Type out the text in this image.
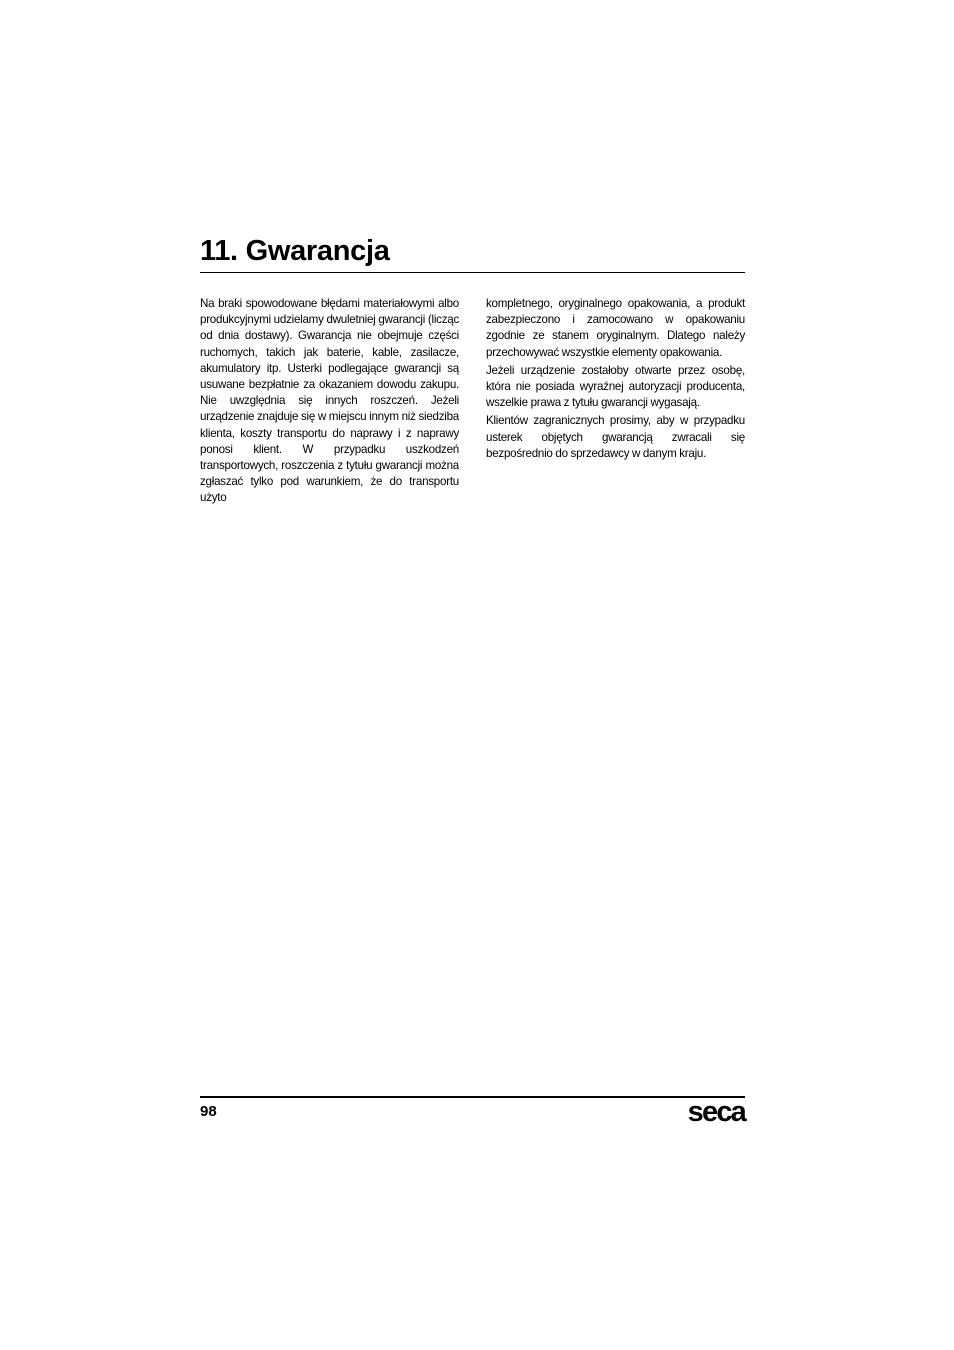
11. Gwarancja

Na braki spowodowane błędami materiałowymi albo produkcyjnymi udzielamy dwuletniej gwarancji (licząc od dnia dostawy). Gwarancja nie obejmuje części ruchomych, takich jak baterie, kable, zasilacze, akumulatory itp. Usterki podlegające gwarancji są usuwane bezpłatnie za okazaniem dowodu zakupu. Nie uwzględnia się innych roszczeń. Jeżeli urządzenie znajduje się w miejscu innym niż siedziba klienta, koszty transportu do naprawy i z naprawy ponosi klient. W przypadku uszkodzeń transportowych, roszczenia z tytułu gwarancji można zgłaszać tylko pod warunkiem, że do transportu użyto

kompletnego, oryginalnego opakowania, a produkt zabezpieczono i zamocowano w opakowaniu zgodnie ze stanem oryginalnym. Dlatego należy przechowywać wszystkie elementy opakowania.

Jeżeli urządzenie zostałoby otwarte przez osobę, która nie posiada wyraźnej autoryzacji producenta, wszelkie prawa z tytułu gwarancji wygasają.

Klientów zagranicznych prosimy, aby w przypadku usterek objętych gwarancją zwracali się bezpośrednio do sprzedawcy w danym kraju.

98	seca
